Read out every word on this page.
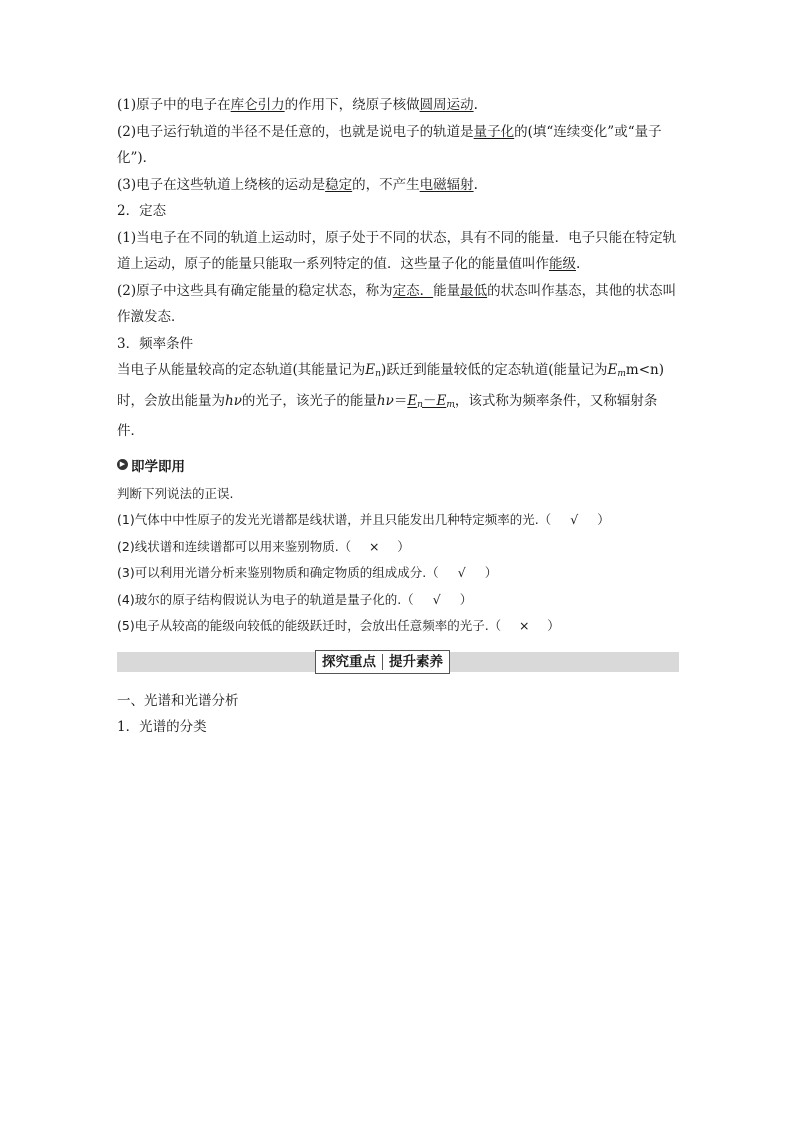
(1)原子中的电子在库仑引力的作用下，绕原子核做圆周运动.

(2)电子运行轨道的半径不是任意的，也就是说电子的轨道是量子化的(填“连续变化”或“量子化”)．

(3)电子在这些轨道上绕核的运动是稳定的，不产生电磁辐射.

2．定态

(1)当电子在不同的轨道上运动时，原子处于不同的状态，具有不同的能量．电子只能在特定轨道上运动，原子的能量只能取一系列特定的值．这些量子化的能量值叫作能级.

(2)原子中这些具有确定能量的稳定状态，称为定态．能量最低的状态叫作基态，其他的状态叫作激发态．

3．频率条件

当电子从能量较高的定态轨道(其能量记为$E_n$)跃迁到能量较低的定态轨道(能量记为$E_mm<n$)时，会放出能量为hν的光子，该光子的能量$h\nu=E_n-E_m$，该式称为频率条件，又称辐射条件．

▶ 即学即用

判断下列说法的正误.

(1)气体中中性原子的发光光谱都是线状谱，并且只能发出几种特定频率的光.（ √ ）

(2)线状谱和连续谱都可以用来鉴别物质.（ × ）

(3)可以利用光谱分析来鉴别物质和确定物质的组成成分.（ √ ）

(4)玻尔的原子结构假说认为电子的轨道是量子化的.（ √ ）

(5)电子从较高的能级向较低的能级跃迁时，会放出任意频率的光子.（ × ）

探究重点 提升素养

一、光谱和光谱分析

1．光谱的分类
